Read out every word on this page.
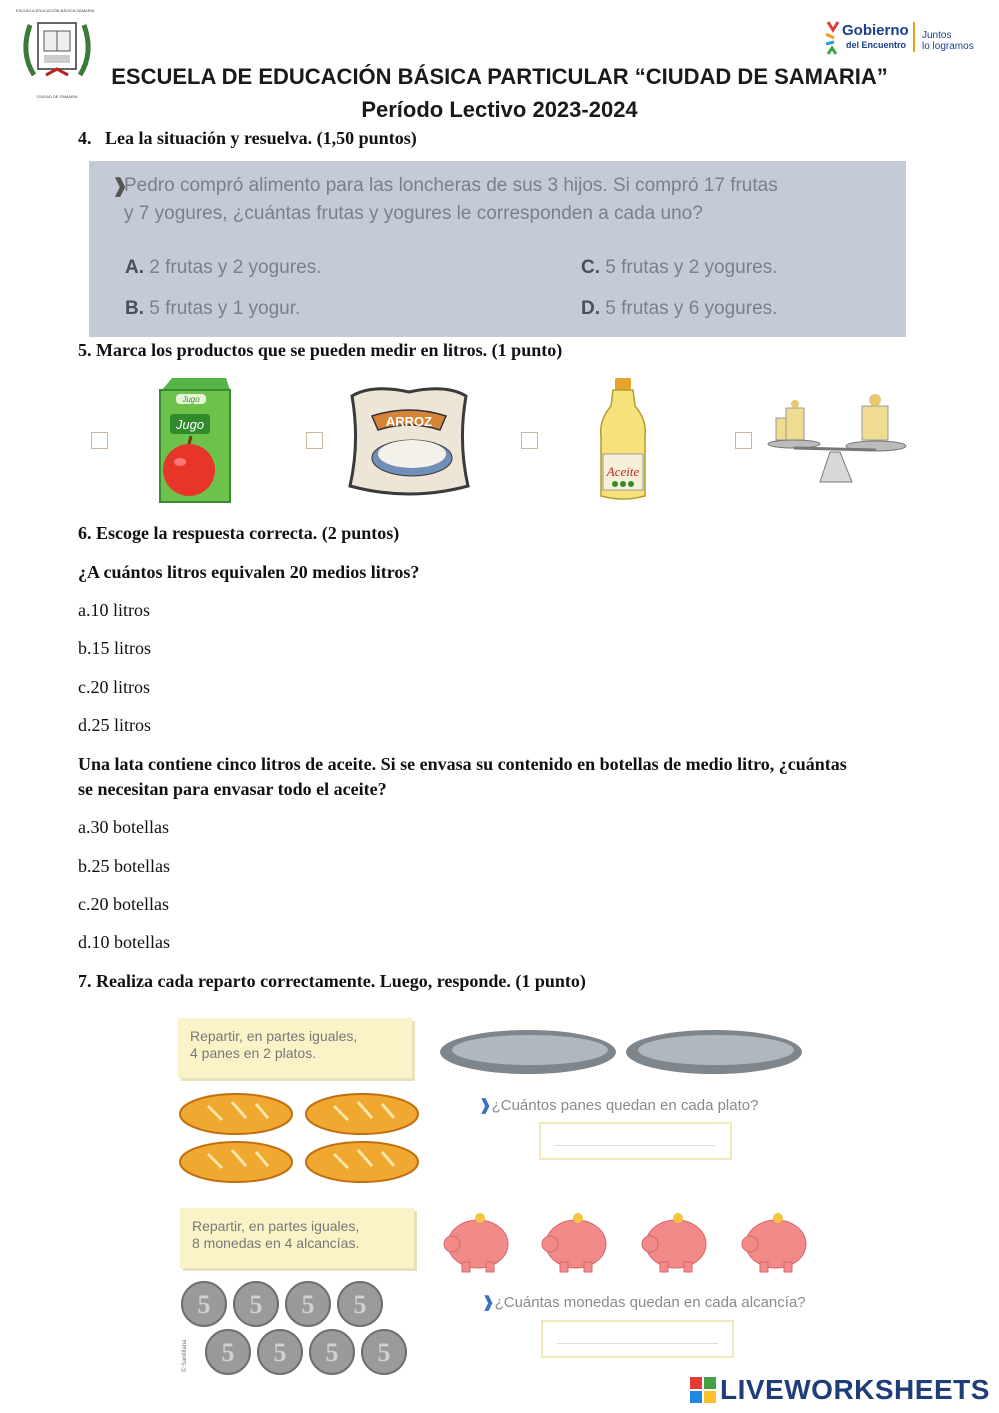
ESCUELA EDUCACIÓN BÁSICA SAMARIA
CIUDAD DE SAMARIA
Gobierno
del Encuentro
Juntos
lo logramos
ESCUELA DE EDUCACIÓN BÁSICA PARTICULAR “CIUDAD DE SAMARIA”
Período Lectivo 2023-2024
4.   Lea la situación y resuelva. (1,50 puntos)
❱
Pedro compró alimento para las loncheras de sus 3 hijos. Si compró 17 frutas
y 7 yogures, ¿cuántas frutas y yogures le corresponden a cada uno?
A. 2 frutas y 2 yogures.	C. 5 frutas y 2 yogures.
B. 5 frutas y 1 yogur.	D. 5 frutas y 6 yogures.
5. Marca los productos que se pueden medir en litros. (1 punto)
Jugo
Jugo	ARROZ
Aceite
6. Escoge la respuesta correcta. (2 puntos)
¿A cuántos litros equivalen 20 medios litros?
a.10 litros
b.15 litros
c.20 litros
d.25 litros
Una lata contiene cinco litros de aceite. Si se envasa su contenido en botellas de medio litro, ¿cuántas
se necesitan para envasar todo el aceite?
a.30 botellas
b.25 botellas
c.20 botellas
d.10 botellas
7. Realiza cada reparto correctamente. Luego, responde. (1 punto)
Repartir, en partes iguales,
4 panes en 2 platos.
❱¿Cuántos panes quedan en cada plato?
Repartir, en partes iguales,
8 monedas en 4 alcancías.
5 5 5 5
5 5 5 5
© Santillana
❱¿Cuántas monedas quedan en cada alcancía?
LIVEWORKSHEETS
